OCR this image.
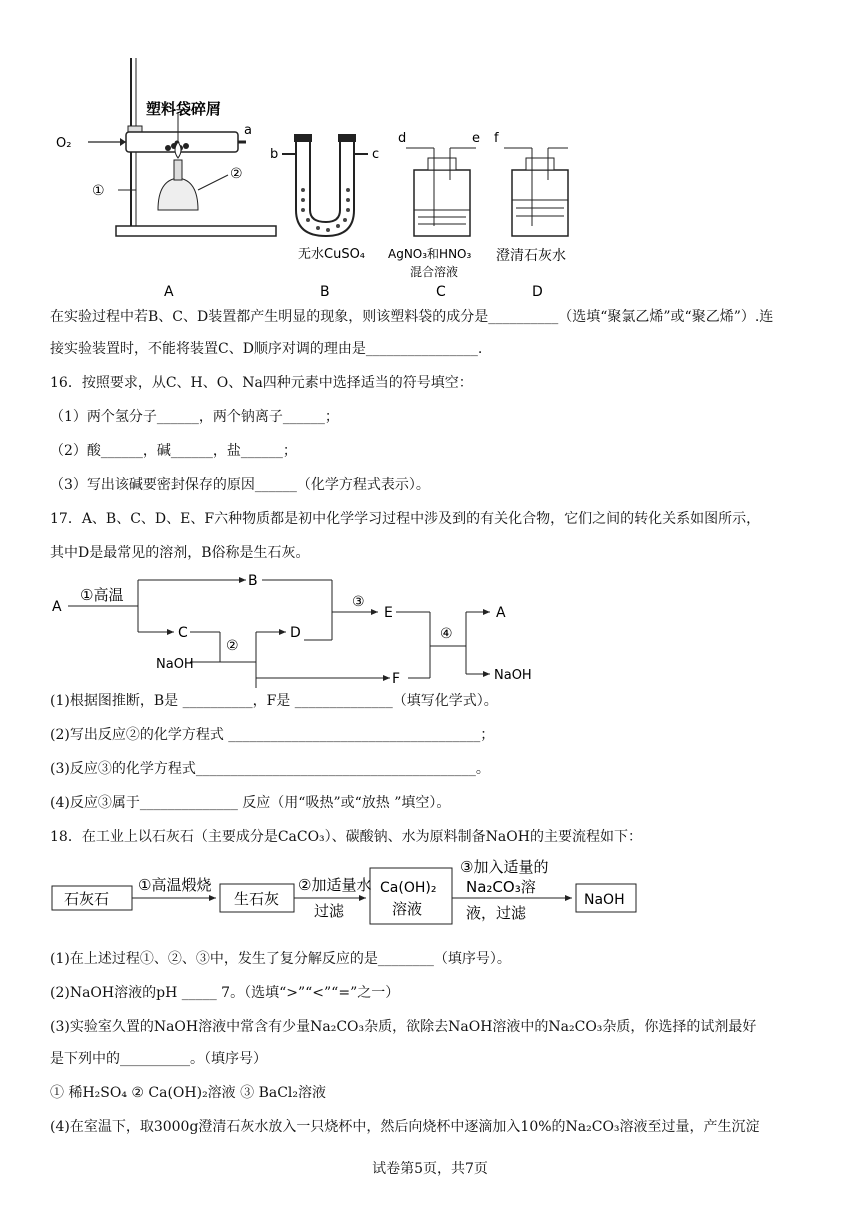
O₂
塑料袋碎屑
a
①
②
A
b	c
无水CuSO₄
B
d	e
AgNO₃和HNO₃
混合溶液
C
f
澄清石灰水
D
在实验过程中若B、C、D装置都产生明显的现象，则该塑料袋的成分是__________（选填“聚氯乙烯”或“聚乙烯”）.连
接实验装置时，不能将装置C、D顺序对调的理由是________________.
16．按照要求，从C、H、O、Na四种元素中选择适当的符号填空：
（1）两个氢分子______，两个钠离子______；
（2）酸______，碱______，盐______；
（3）写出该碱要密封保存的原因______（化学方程式表示）。
17．A、B、C、D、E、F六种物质都是初中化学学习过程中涉及到的有关化合物，它们之间的转化关系如图所示，
其中D是最常见的溶剂，B俗称是生石灰。
A
①高温
B
C
②
NaOH
D
③
E
F
④
A
NaOH
(1)根据图推断，B是 __________，F是 ______________（填写化学式）。
(2)写出反应②的化学方程式 ____________________________________；
(3)反应③的化学方程式________________________________________。
(4)反应③属于______________ 反应（用“吸热”或“放热 ”填空）。
18．在工业上以石灰石（主要成分是CaCO₃）、碳酸钠、水为原料制备NaOH的主要流程如下：
石灰石
①高温煅烧
生石灰
②加适量水
过滤
Ca(OH)₂
溶液
③加入适量的
Na₂CO₃溶
液，过滤
NaOH
(1)在上述过程①、②、③中，发生了复分解反应的是________（填序号）。
(2)NaOH溶液的pH _____ 7。（选填“>”“<”“=”之一）
(3)实验室久置的NaOH溶液中常含有少量Na₂CO₃杂质，欲除去NaOH溶液中的Na₂CO₃杂质，你选择的试剂最好
是下列中的__________。（填序号）
① 稀H₂SO₄ ② Ca(OH)₂溶液 ③ BaCl₂溶液
(4)在室温下，取3000g澄清石灰水放入一只烧杯中，然后向烧杯中逐滴加入10%的Na₂CO₃溶液至过量，产生沉淀
试卷第5页，共7页
